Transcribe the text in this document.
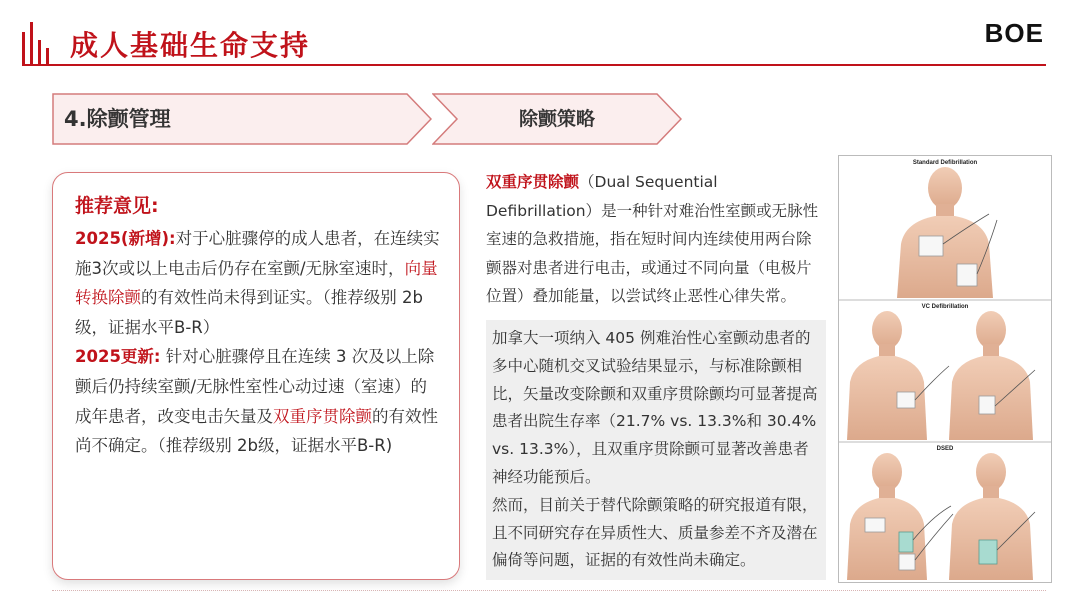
成人基础生命支持	BOE
4.除颤管理	除颤策略
推荐意见:

2025(新增):对于心脏骤停的成人患者，在连续实施3次或以上电击后仍存在室颤/无脉室速时，向量转换除颤的有效性尚未得到证实。（推荐级别 2b级，证据水平B-R）

2025更新: 针对心脏骤停且在连续 3 次及以上除颤后仍持续室颤/无脉性室性心动过速（室速）的成年患者，改变电击矢量及双重序贯除颤的有效性尚不确定。（推荐级别 2b级，证据水平B-R)

双重序贯除颤（Dual Sequential Defibrillation）是一种针对难治性室颤或无脉性室速的急救措施，指在短时间内连续使用两台除颤器对患者进行电击，或通过不同向量（电极片位置）叠加能量，以尝试终止恶性心律失常。

加拿大一项纳入 405 例难治性心室颤动患者的多中心随机交叉试验结果显示，与标准除颤相比，矢量改变除颤和双重序贯除颤均可显著提高患者出院生存率（21.7% vs. 13.3%和 30.4% vs. 13.3%），且双重序贯除颤可显著改善患者神经功能预后。

然而，目前关于替代除颤策略的研究报道有限，且不同研究存在异质性大、质量参差不齐及潜在偏倚等问题，证据的有效性尚未确定。

Standard Defibrillation
VC Defibrillation
DSED
